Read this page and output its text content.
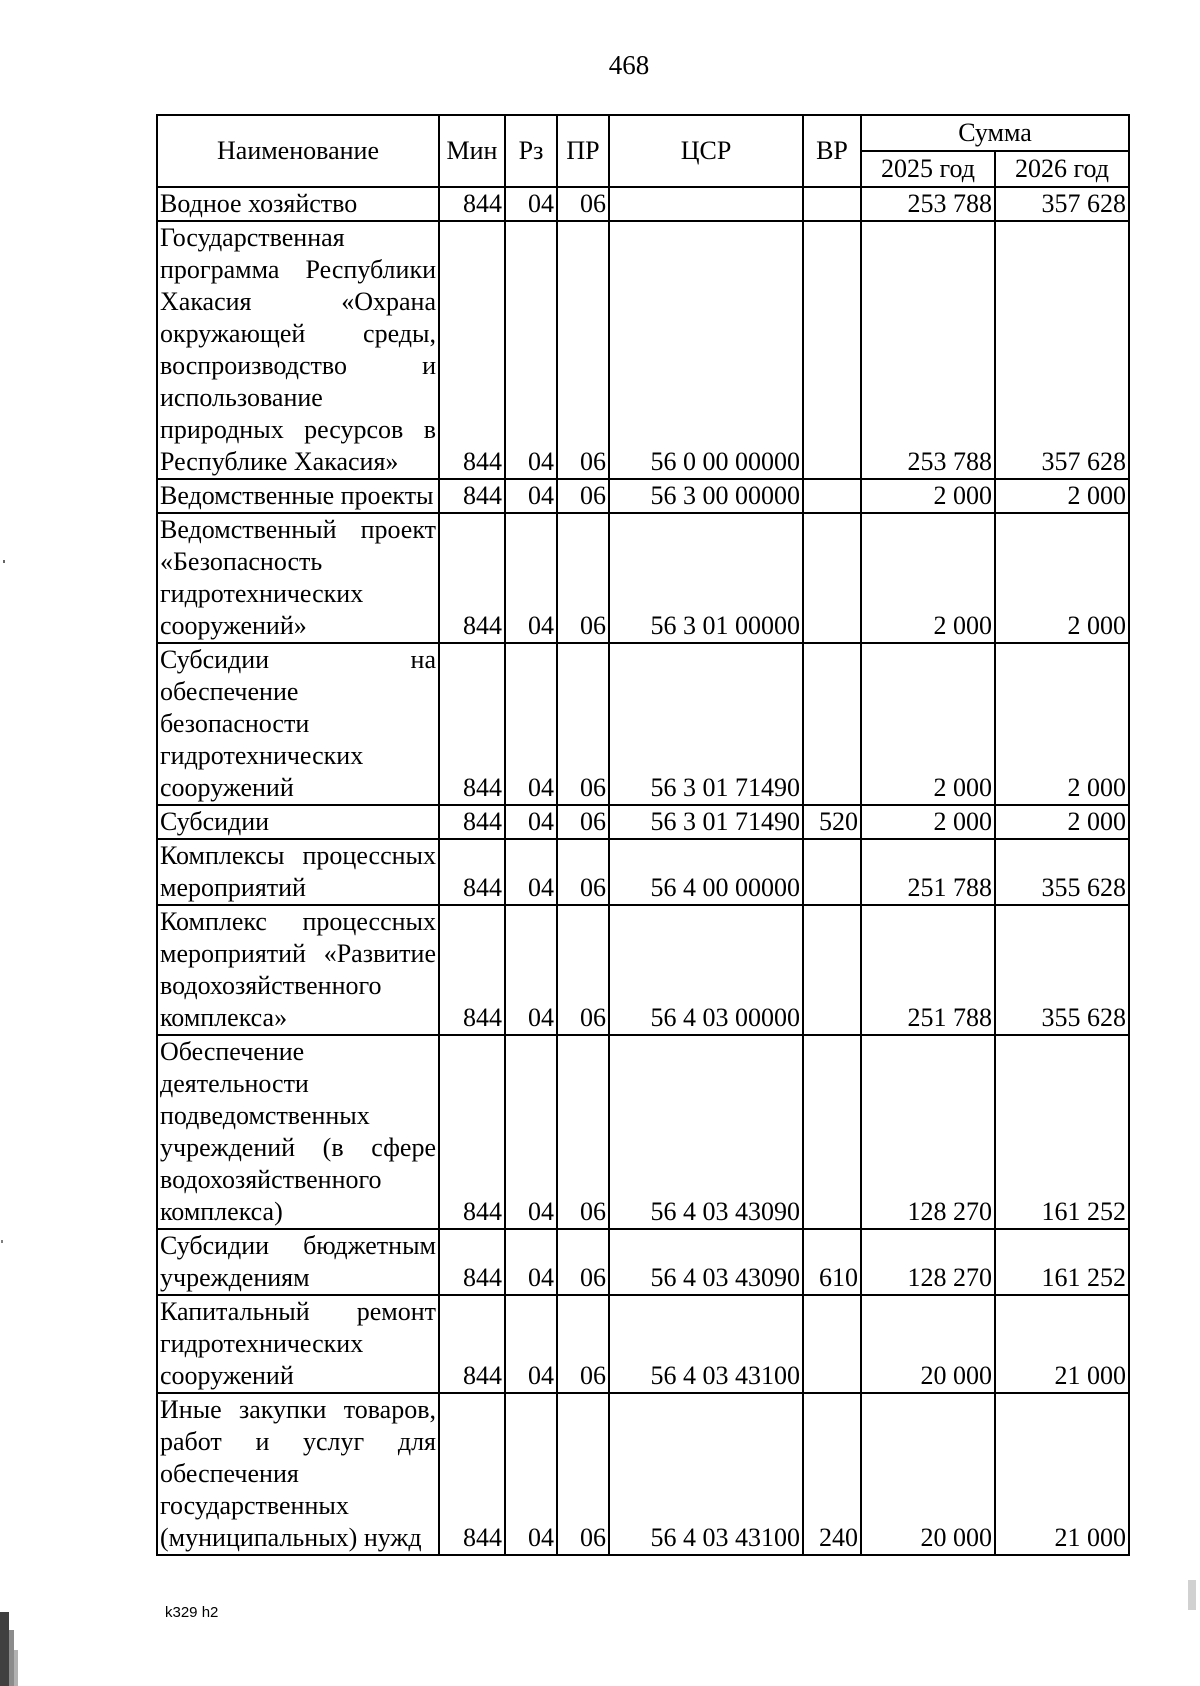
468
Наименование	Мин	Рз	ПР	ЦСР	ВР	Сумма	
						2025 год	2026 год
Водное хозяйство	844	04	06			253 788	357 628
Государственная программа Республики Хакасия «Охрана окружающей среды, воспроизводство и использование природных ресурсов в Республике Хакасия»	844	04	06	56 0 00 00000		253 788	357 628
Ведомственные проекты	844	04	06	56 3 00 00000		2 000	2 000
Ведомственный проект «Безопасность гидротехнических сооружений»	844	04	06	56 3 01 00000		2 000	2 000
Субсидии на обеспечение безопасности гидротехнических сооружений	844	04	06	56 3 01 71490		2 000	2 000
Субсидии	844	04	06	56 3 01 71490	520	2 000	2 000
Комплексы процессных мероприятий	844	04	06	56 4 00 00000		251 788	355 628
Комплекс процессных мероприятий «Развитие водохозяйственного комплекса»	844	04	06	56 4 03 00000		251 788	355 628
Обеспечение деятельности подведомственных учреждений (в сфере водохозяйственного комплекса)	844	04	06	56 4 03 43090		128 270	161 252
Субсидии бюджетным учреждениям	844	04	06	56 4 03 43090	610	128 270	161 252
Капитальный ремонт гидротехнических сооружений	844	04	06	56 4 03 43100		20 000	21 000
Иные закупки товаров, работ и услуг для обеспечения государственных (муниципальных) нужд	844	04	06	56 4 03 43100	240	20 000	21 000
k329 h2
